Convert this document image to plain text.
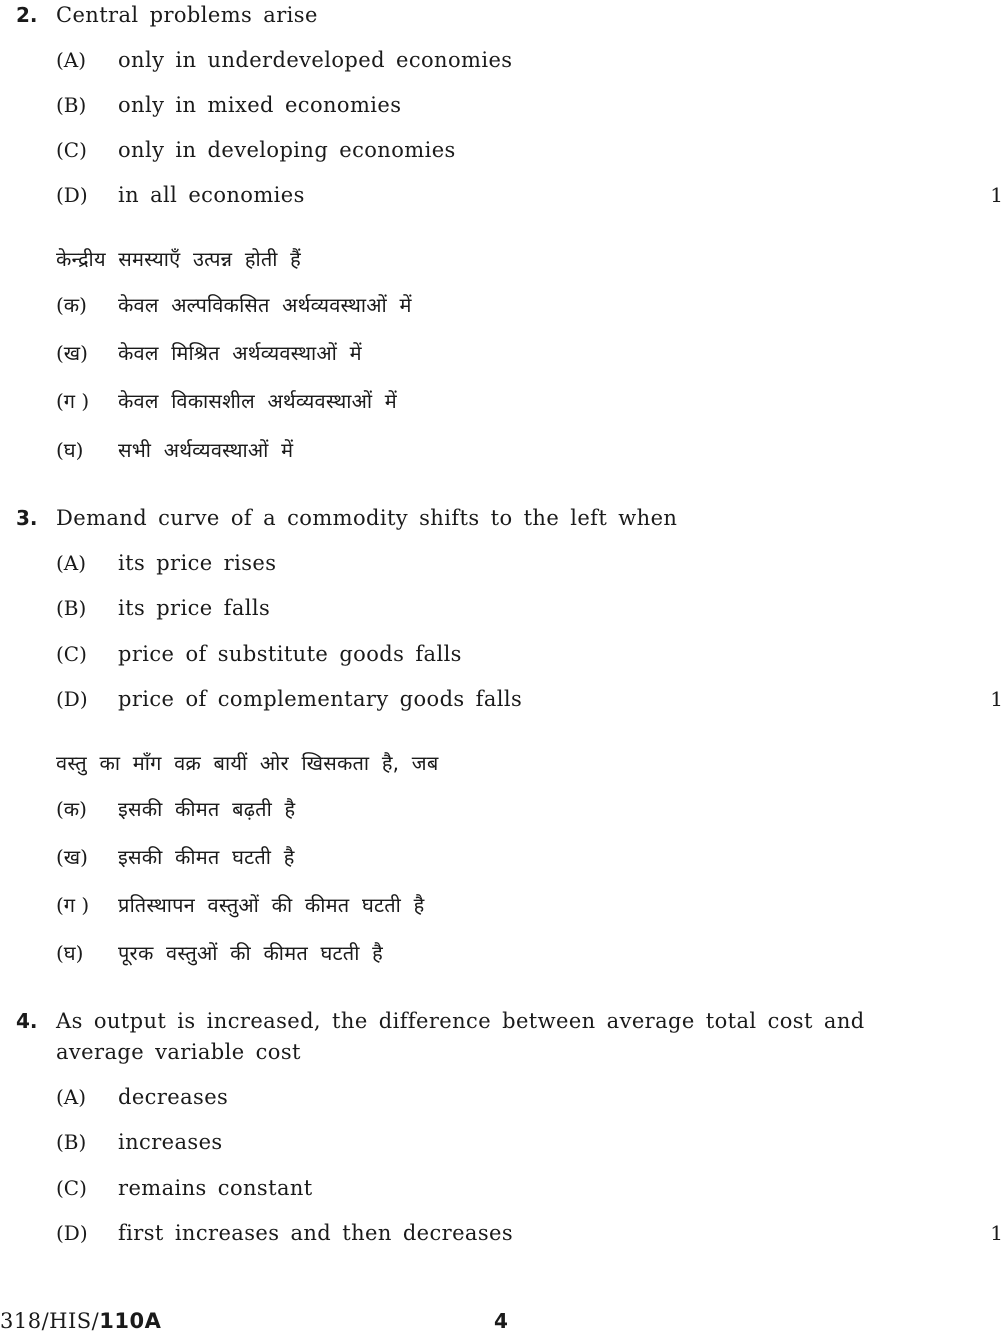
2. Central problems arise
(A)	only in underdeveloped economies
(B)	only in mixed economies
(C)	only in developing economies
(D)	in all economies	1
केन्द्रीय समस्याएँ उत्पन्न होती हैं
(क)	केवल अल्पविकसित अर्थव्यवस्थाओं में
(ख)	केवल मिश्रित अर्थव्यवस्थाओं में
(ग )	केवल विकासशील अर्थव्यवस्थाओं में
(घ)	सभी अर्थव्यवस्थाओं में
3. Demand curve of a commodity shifts to the left when
(A)	its price rises
(B)	its price falls
(C)	price of substitute goods falls
(D)	price of complementary goods falls	1
वस्तु का माँग वक्र बायीं ओर खिसकता है, जब
(क)	इसकी कीमत बढ़ती है
(ख)	इसकी कीमत घटती है
(ग )	प्रतिस्थापन वस्तुओं की कीमत घटती है
(घ)	पूरक वस्तुओं की कीमत घटती है
4. As output is increased, the difference between average total cost and average variable cost
(A)	decreases
(B)	increases
(C)	remains constant
(D)	first increases and then decreases	1
318/HIS/110A	4
